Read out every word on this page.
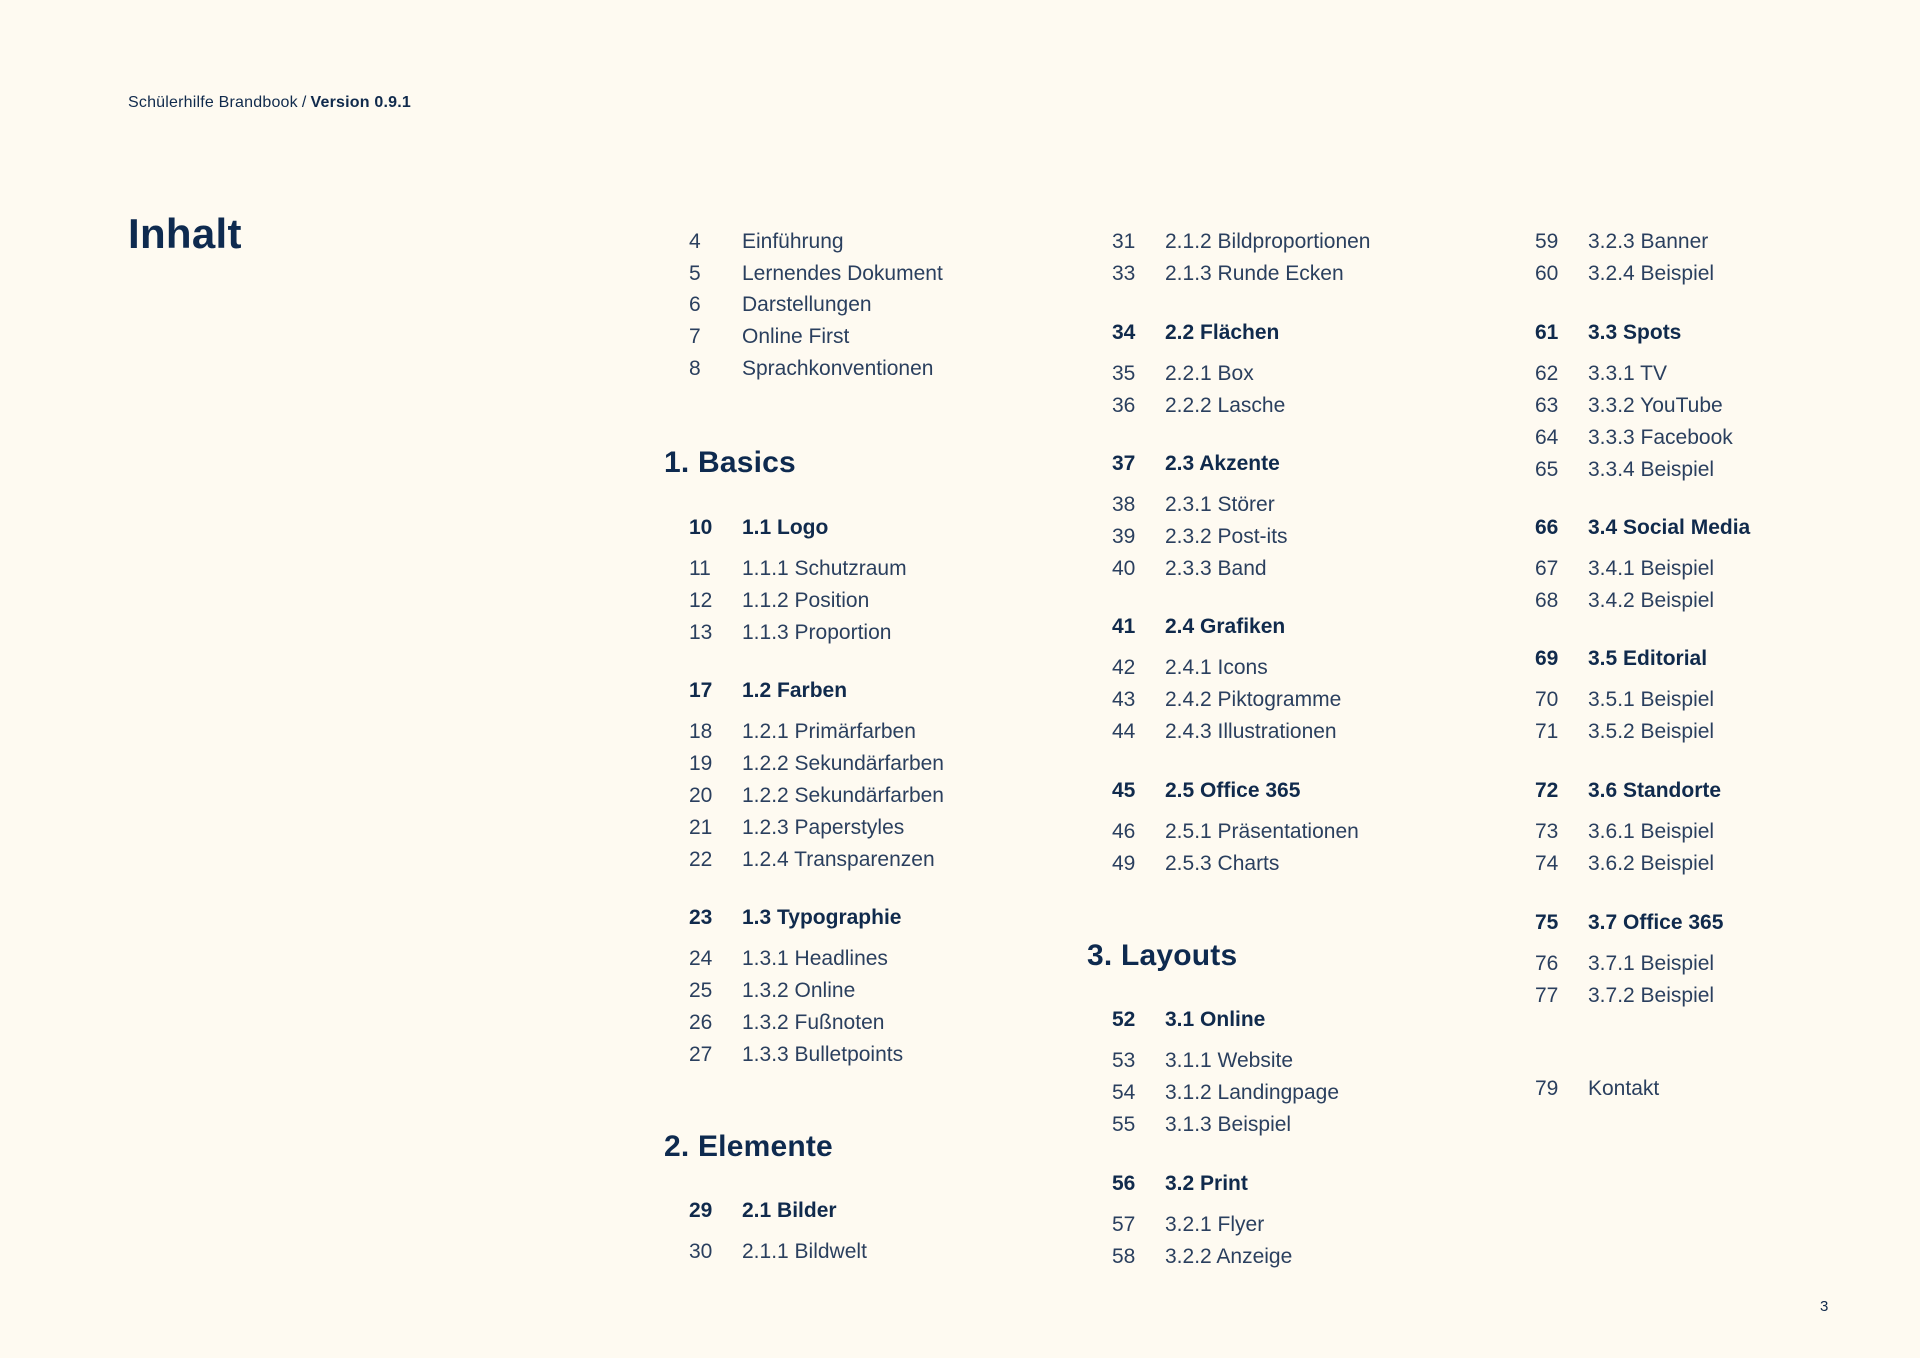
Schülerhilfe Brandbook / Version 0.9.1
Inhalt	4	Einführung
5	Lernendes Dokument
6	Darstellungen
7	Online First
8	Sprachkonventionen
1. Basics
10	1.1 Logo
11	1.1.1 Schutzraum
12	1.1.2 Position
13	1.1.3 Proportion
17	1.2 Farben
18	1.2.1 Primärfarben
19	1.2.2 Sekundärfarben
20	1.2.2 Sekundärfarben
21	1.2.3 Paperstyles
22	1.2.4 Transparenzen
23	1.3 Typographie
24	1.3.1 Headlines
25	1.3.2 Online
26	1.3.2 Fußnoten
27	1.3.3 Bulletpoints
2. Elemente
29	2.1 Bilder
30	2.1.1 Bildwelt
31	2.1.2 Bildproportionen
33	2.1.3 Runde Ecken
34	2.2 Flächen
35	2.2.1 Box
36	2.2.2 Lasche
37	2.3 Akzente
38	2.3.1 Störer
39	2.3.2 Post-its
40	2.3.3 Band
41	2.4 Grafiken
42	2.4.1 Icons
43	2.4.2 Piktogramme
44	2.4.3 Illustrationen
45	2.5 Office 365
46	2.5.1 Präsentationen
49	2.5.3 Charts
3. Layouts
52	3.1 Online
53	3.1.1 Website
54	3.1.2 Landingpage
55	3.1.3 Beispiel
56	3.2 Print
57	3.2.1 Flyer
58	3.2.2 Anzeige
59	3.2.3 Banner
60	3.2.4 Beispiel
61	3.3 Spots
62	3.3.1 TV
63	3.3.2 YouTube
64	3.3.3 Facebook
65	3.3.4 Beispiel
66	3.4 Social Media
67	3.4.1 Beispiel
68	3.4.2 Beispiel
69	3.5 Editorial
70	3.5.1 Beispiel
71	3.5.2 Beispiel
72	3.6 Standorte
73	3.6.1 Beispiel
74	3.6.2 Beispiel
75	3.7 Office 365
76	3.7.1 Beispiel
77	3.7.2 Beispiel
79	Kontakt
3
